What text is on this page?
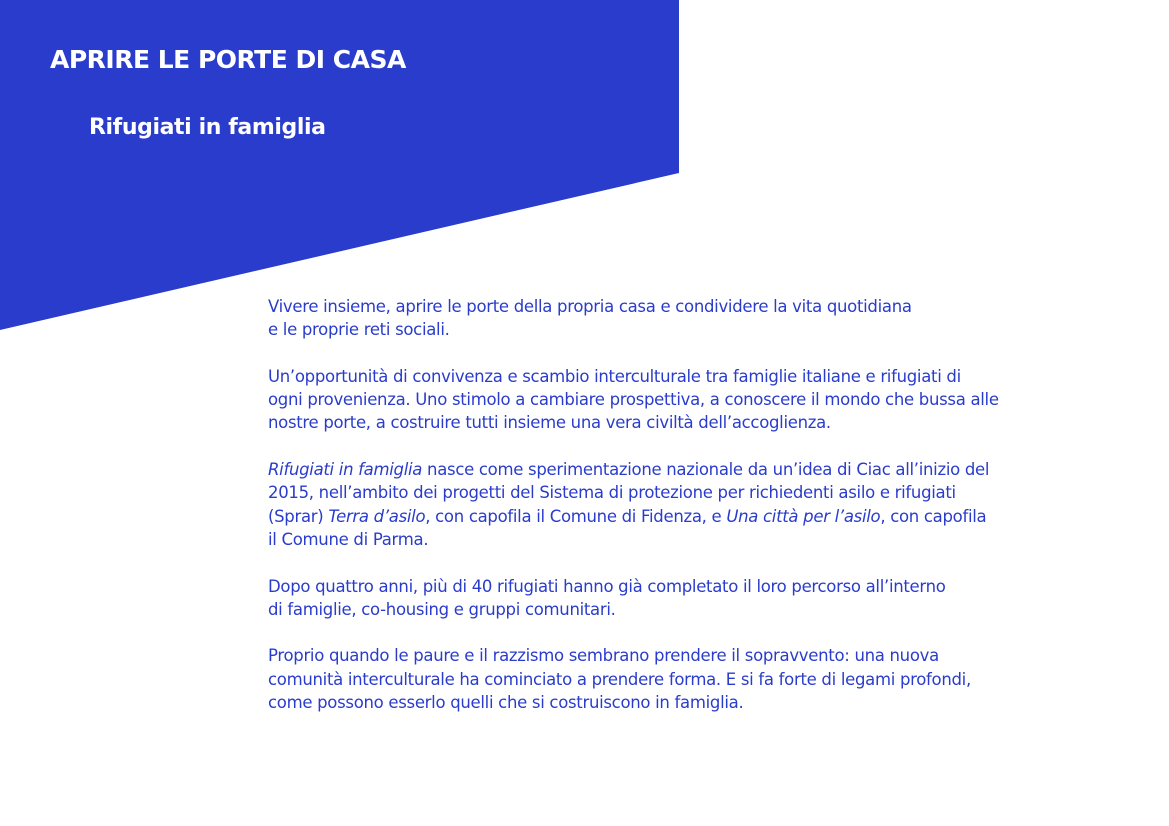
APRIRE LE PORTE DI CASA
Rifugiati in famiglia

Vivere insieme, aprire le porte della propria casa e condividere la vita quotidiana
e le proprie reti sociali.

Un’opportunità di convivenza e scambio interculturale tra famiglie italiane e rifugiati di
ogni provenienza. Uno stimolo a cambiare prospettiva, a conoscere il mondo che bussa alle
nostre porte, a costruire tutti insieme una vera civiltà dell’accoglienza.

Rifugiati in famiglia nasce come sperimentazione nazionale da un’idea di Ciac all’inizio del
2015, nell’ambito dei progetti del Sistema di protezione per richiedenti asilo e rifugiati
(Sprar) Terra d’asilo, con capofila il Comune di Fidenza, e Una città per l’asilo, con capofila
il Comune di Parma.

Dopo quattro anni, più di 40 rifugiati hanno già completato il loro percorso all’interno
di famiglie, co-housing e gruppi comunitari.

Proprio quando le paure e il razzismo sembrano prendere il sopravvento: una nuova
comunità interculturale ha cominciato a prendere forma. E si fa forte di legami profondi,
come possono esserlo quelli che si costruiscono in famiglia.
